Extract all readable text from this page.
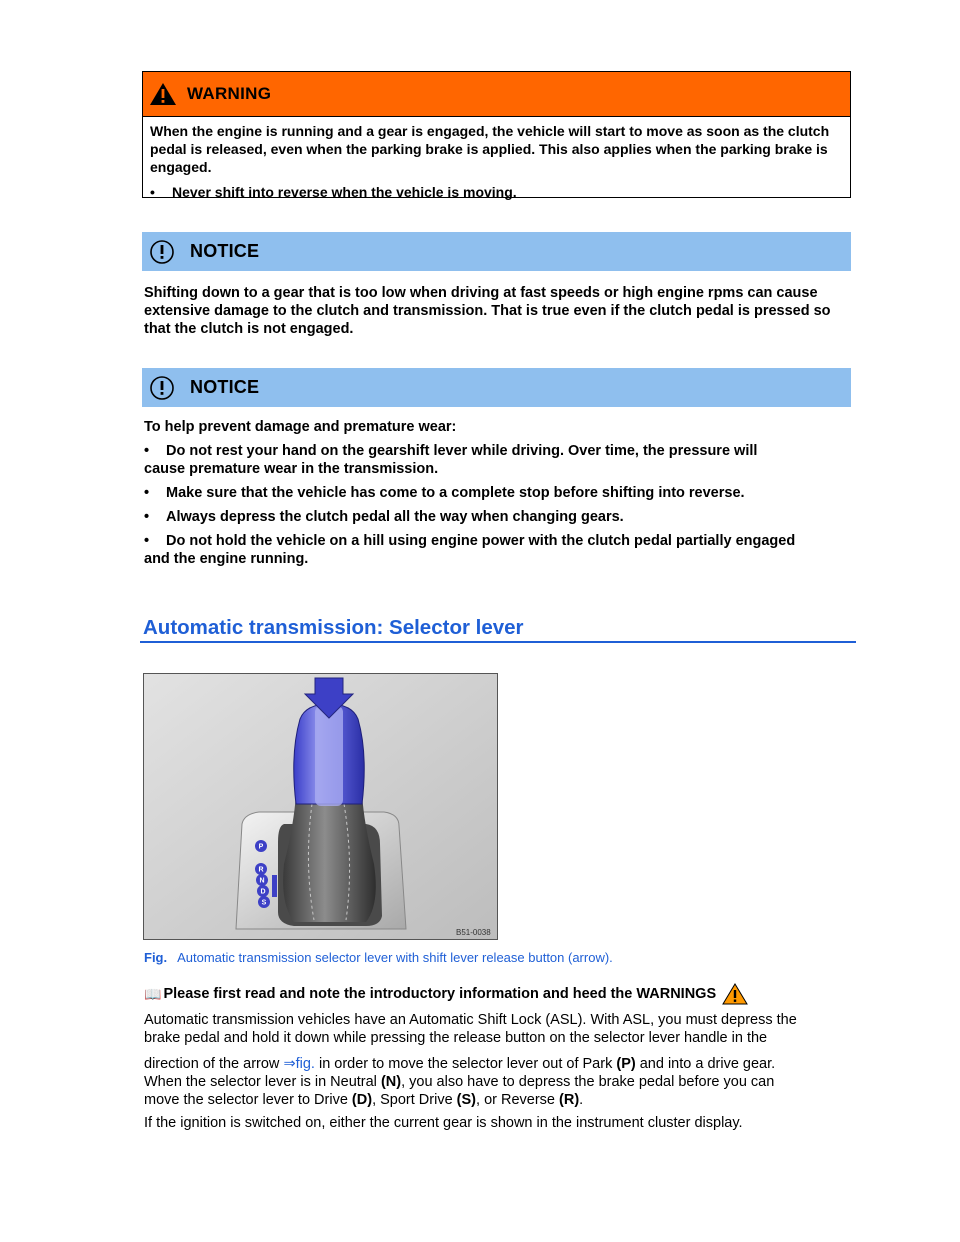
WARNING

When the engine is running and a gear is engaged, the vehicle will start to move as soon as the clutch pedal is released, even when the parking brake is applied. This also applies when the parking brake is engaged.

•	Never shift into reverse when the vehicle is moving.
NOTICE

Shifting down to a gear that is too low when driving at fast speeds or high engine rpms can cause extensive damage to the clutch and transmission. That is true even if the clutch pedal is pressed so that the clutch is not engaged.

NOTICE

To help prevent damage and premature wear:

•	Do not rest your hand on the gearshift lever while driving. Over time, the pressure will

cause premature wear in the transmission.

•	Make sure that the vehicle has come to a complete stop before shifting into reverse.
•	Always depress the clutch pedal all the way when changing gears.
•	Do not hold the vehicle on a hill using engine power with the clutch pedal partially engaged

and the engine running.

Automatic transmission: Selector lever
P
R
N
D
S
B51-0038
Fig. Automatic transmission selector lever with shift lever release button (arrow).
📖 Please first read and note the introductory information and heed the WARNINGS

Automatic transmission vehicles have an Automatic Shift Lock (ASL). With ASL, you must depress the

brake pedal and hold it down while pressing the release button on the selector lever handle in the

direction of the arrow ⇒fig. in order to move the selector lever out of Park (P) and into a drive gear.

When the selector lever is in Neutral (N), you also have to depress the brake pedal before you can

move the selector lever to Drive (D), Sport Drive (S), or Reverse (R).

If the ignition is switched on, either the current gear is shown in the instrument cluster display.
